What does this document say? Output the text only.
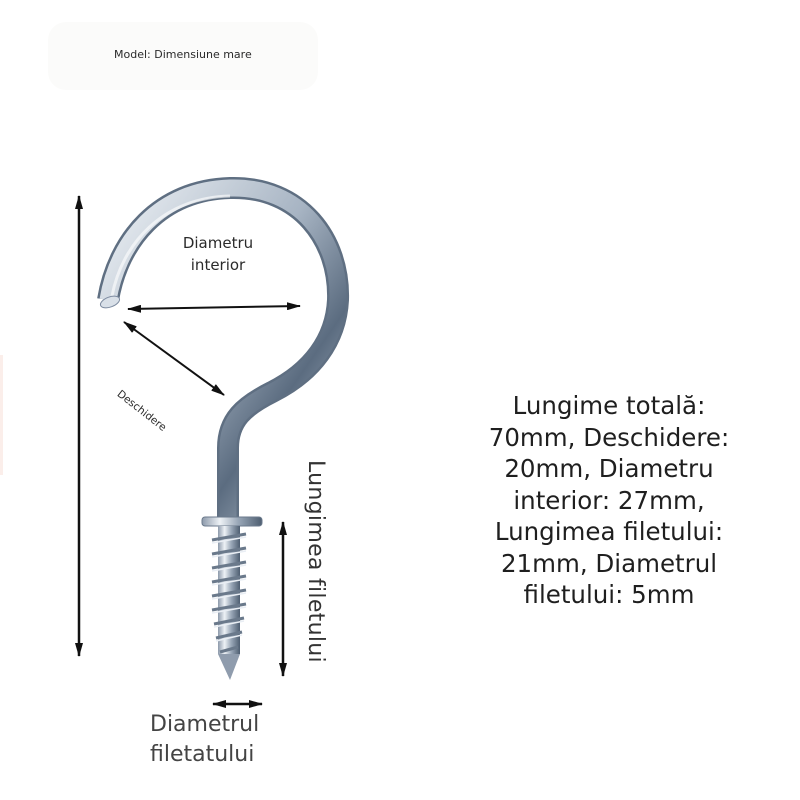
Model: Dimensiune mare
Diametru
interior
Deschidere
Lungimea filetului
Diametrul
filetatului
Lungime totală:
70mm, Deschidere:
20mm, Diametru
interior: 27mm,
Lungimea filetului:
21mm, Diametrul
filetului: 5mm
